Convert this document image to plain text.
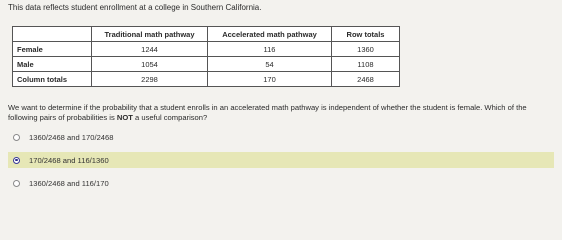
This data reflects student enrollment at a college in Southern California.
	Traditional math pathway	Accelerated math pathway	Row totals
Female	1244	116	1360
Male	1054	54	1108
Column totals	2298	170	2468
We want to determine if the probability that a student enrolls in an accelerated math pathway is independent of whether the student is female. Which of the following pairs of probabilities is NOT a useful comparison?
1360/2468 and 170/2468
170/2468 and 116/1360
1360/2468 and 116/170
